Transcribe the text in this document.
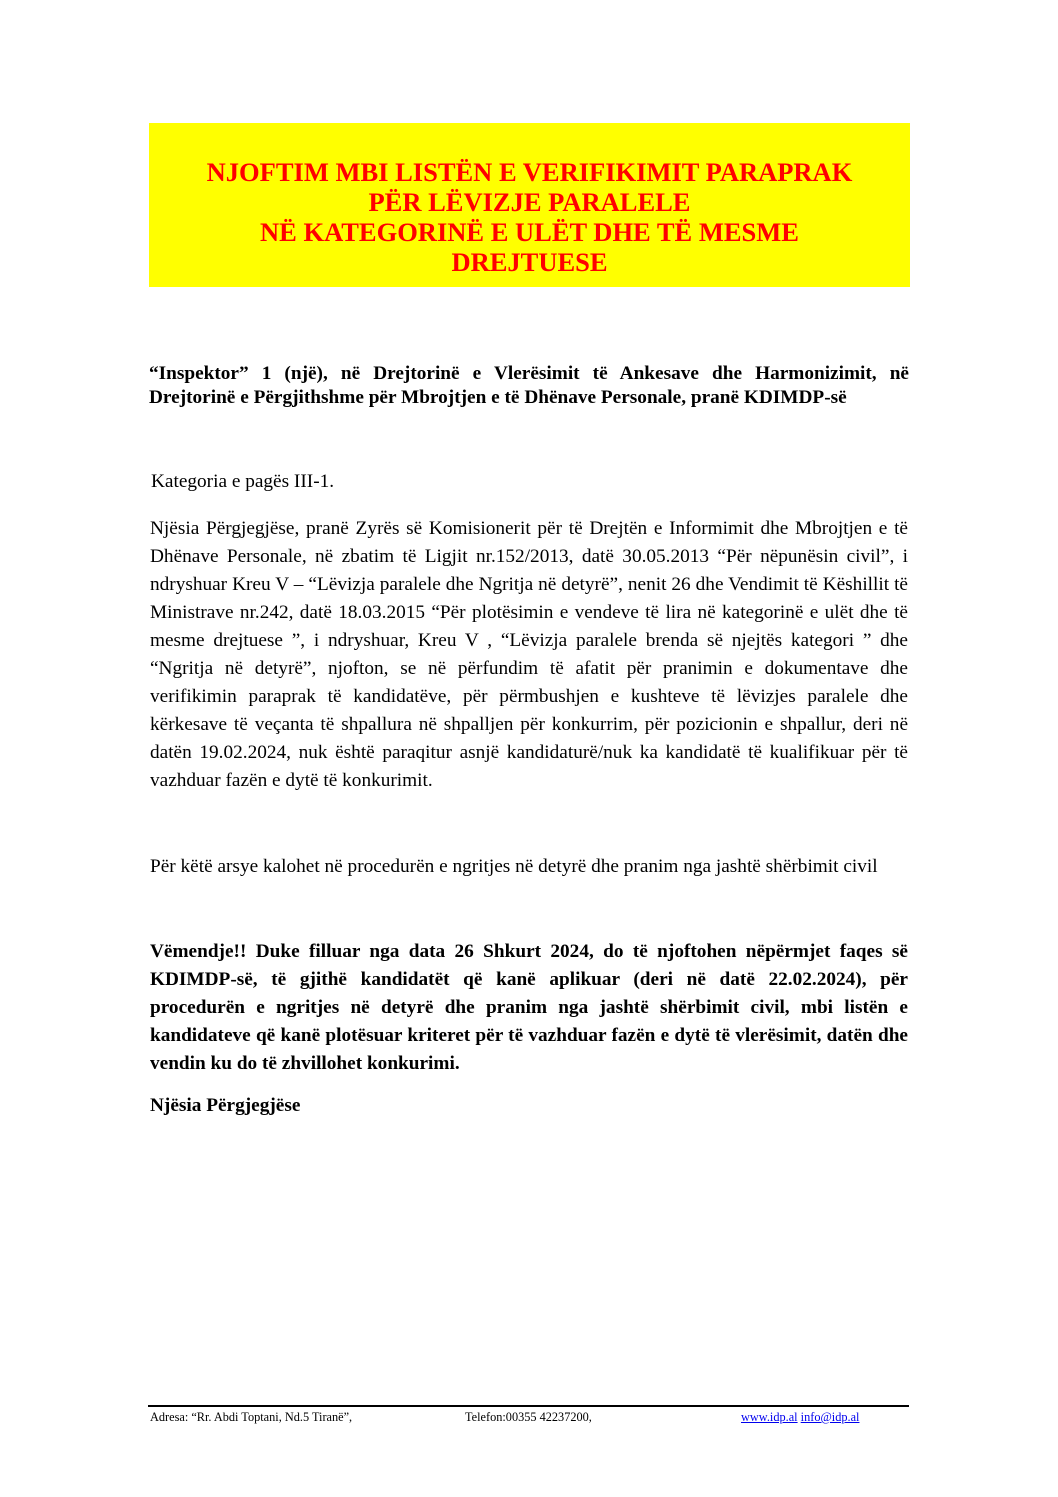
NJOFTIM MBI LISTËN E VERIFIKIMIT PARAPRAK
PËR LËVIZJE PARALELE
NË KATEGORINË E ULËT DHE TË MESME
DREJTUESE
“Inspektor” 1 (një), në Drejtorinë e Vlerësimit të Ankesave dhe Harmonizimit, në Drejtorinë e Përgjithshme për Mbrojtjen e të Dhënave Personale, pranë KDIMDP-së
Kategoria e pagës III-1.
Njësia Përgjegjëse, pranë Zyrës së Komisionerit për të Drejtën e Informimit dhe Mbrojtjen e të Dhënave Personale, në zbatim të Ligjit nr.152/2013, datë 30.05.2013 “Për nëpunësin civil”, i ndryshuar Kreu V – “Lëvizja paralele dhe Ngritja në detyrë”, nenit 26 dhe Vendimit të Këshillit të Ministrave nr.242, datë 18.03.2015 “Për plotësimin e vendeve të lira në kategorinë e ulët dhe të mesme drejtuese ”, i ndryshuar, Kreu V , “Lëvizja paralele brenda së njejtës kategori ” dhe “Ngritja në detyrë”, njofton, se në përfundim të afatit për pranimin e dokumentave dhe verifikimin paraprak të kandidatëve, për përmbushjen e kushteve të lëvizjes paralele dhe kërkesave të veçanta të shpallura në shpalljen për konkurrim, për pozicionin e shpallur, deri në datën 19.02.2024, nuk është paraqitur asnjë kandidaturë/nuk ka kandidatë të kualifikuar për të vazhduar fazën e dytë të konkurimit.
Për këtë arsye kalohet në procedurën e ngritjes në detyrë dhe pranim nga jashtë shërbimit civil
Vëmendje!! Duke filluar nga data 26 Shkurt 2024, do të njoftohen nëpërmjet faqes së KDIMDP-së, të gjithë kandidatët që kanë aplikuar (deri në datë 22.02.2024), për procedurën e ngritjes në detyrë dhe pranim nga jashtë shërbimit civil, mbi listën e kandidateve që kanë plotësuar kriteret për të vazhduar fazën e dytë të vlerësimit, datën dhe vendin ku do të zhvillohet konkurimi.
Njësia Përgjegjëse
Adresa: “Rr. Abdi Toptani, Nd.5 Tiranë”,	Telefon:00355 42237200,	www.idp.al info@idp.al
